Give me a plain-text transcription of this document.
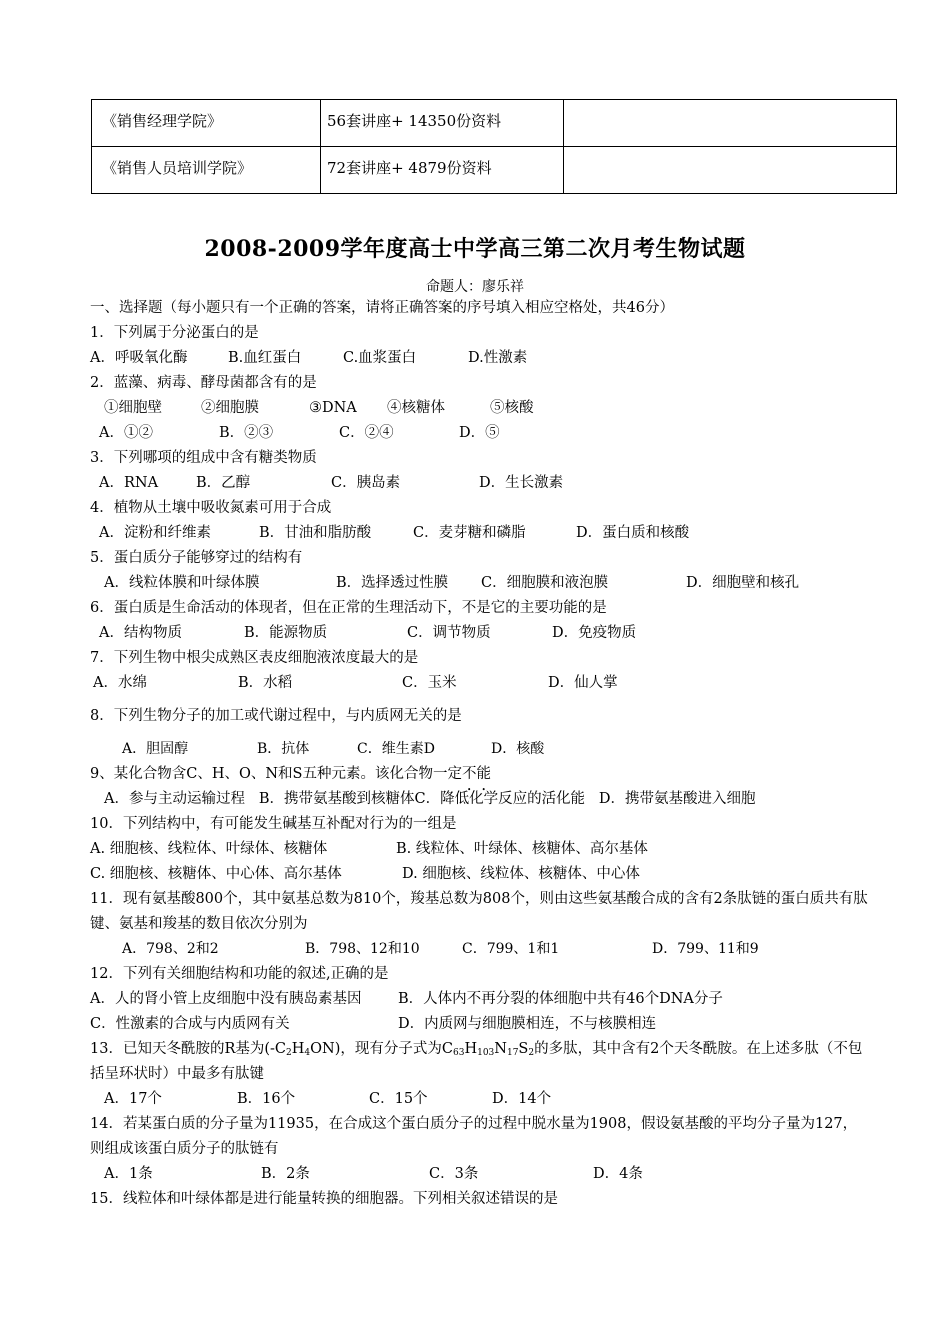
《销售经理学院》	56套讲座+ 14350份资料	
《销售人员培训学院》	72套讲座+ 4879份资料	
2008-2009学年度高士中学高三第二次月考生物试题
命题人：廖乐祥
一、选择题（每小题只有一个正确的答案，请将正确答案的序号填入相应空格处，共46分）
1．下列属于分泌蛋白的是
A．呼吸氧化酶	B.血红蛋白	C.血浆蛋白	D.性激素
2．蓝藻、病毒、酵母菌都含有的是
①细胞壁	②细胞膜	③DNA ④核糖体	⑤核酸
A．①②	B．②③	C．②④	D．⑤
3．下列哪项的组成中含有糖类物质
A．RNA	B．乙醇	C．胰岛素	D．生长激素
4．植物从土壤中吸收氮素可用于合成
A．淀粉和纤维素	B．甘油和脂肪酸	C．麦芽糖和磷脂	D．蛋白质和核酸
5．蛋白质分子能够穿过的结构有
A．线粒体膜和叶绿体膜	B．选择透过性膜 C．细胞膜和液泡膜	D．细胞壁和核孔
6．蛋白质是生命活动的体现者，但在正常的生理活动下，不是它的主要功能的是
A．结构物质	B．能源物质	C．调节物质	D．免疫物质
7．下列生物中根尖成熟区表皮细胞液浓度最大的是
A．水绵	B．水稻	C．玉米	D．仙人掌
8．下列生物分子的加工或代谢过程中，与内质网无关的是
A．胆固醇	B．抗体	C．维生素D	D．核酸
9、某化合物含C、H、O、N和S五种元素。该化合物一定不能
A．参与主动运输过程 B．携带氨基酸到核糖体C．降低化学反应的活化能 D．携带氨基酸进入细胞
10．下列结构中，有可能发生碱基互补配对行为的一组是
A. 细胞核、线粒体、叶绿体、核糖体	B. 线粒体、叶绿体、核糖体、高尔基体
C. 细胞核、核糖体、中心体、高尔基体	D. 细胞核、线粒体、核糖体、中心体
11．现有氨基酸800个，其中氨基总数为810个，羧基总数为808个，则由这些氨基酸合成的含有2条肽链的蛋白质共有肽键、氨基和羧基的数目依次分别为
A．798、2和2	B．798、12和10	C．799、1和1	D．799、11和9
12．下列有关细胞结构和功能的叙述,正确的是
A．人的肾小管上皮细胞中没有胰岛素基因	B．人体内不再分裂的体细胞中共有46个DNA分子
C．性激素的合成与内质网有关	D．内质网与细胞膜相连，不与核膜相连
13．已知天冬酰胺的R基为$(-C_2H_4ON)$，现有分子式为$C_{63}H_{103}N_{17}S_2$的多肽，其中含有2个天冬酰胺。在上述多肽（不包括呈环状时）中最多有肽键
A．17个	B．16个	C．15个	D．14个
14．若某蛋白质的分子量为11935，在合成这个蛋白质分子的过程中脱水量为1908，假设氨基酸的平均分子量为127，则组成该蛋白质分子的肽链有
A．1条	B．2条	C．3条	D．4条
15．线粒体和叶绿体都是进行能量转换的细胞器。下列相关叙述错误的是
